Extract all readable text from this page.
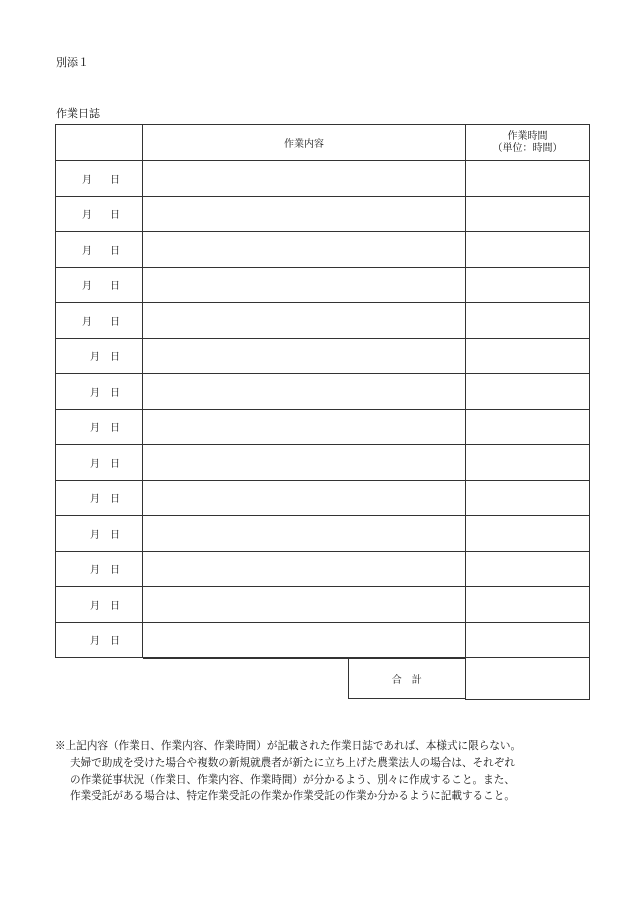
別添１
作業日誌
	作業内容	作業時間
（単位：時間）

月 日		
月 日		
月 日		
月 日		
月 日		
月 日		
月 日		
月 日		
月 日		
月 日		
月 日		
月 日		
月 日		
月 日		

	合 計	

※上記内容（作業日、作業内容、作業時間）が記載された作業日誌であれば、本様式に限らない。
夫婦で助成を受けた場合や複数の新規就農者が新たに立ち上げた農業法人の場合は、それぞれ
の作業従事状況（作業日、作業内容、作業時間）が分かるよう、別々に作成すること。また、
作業受託がある場合は、特定作業受託の作業か作業受託の作業か分かるように記載すること。
